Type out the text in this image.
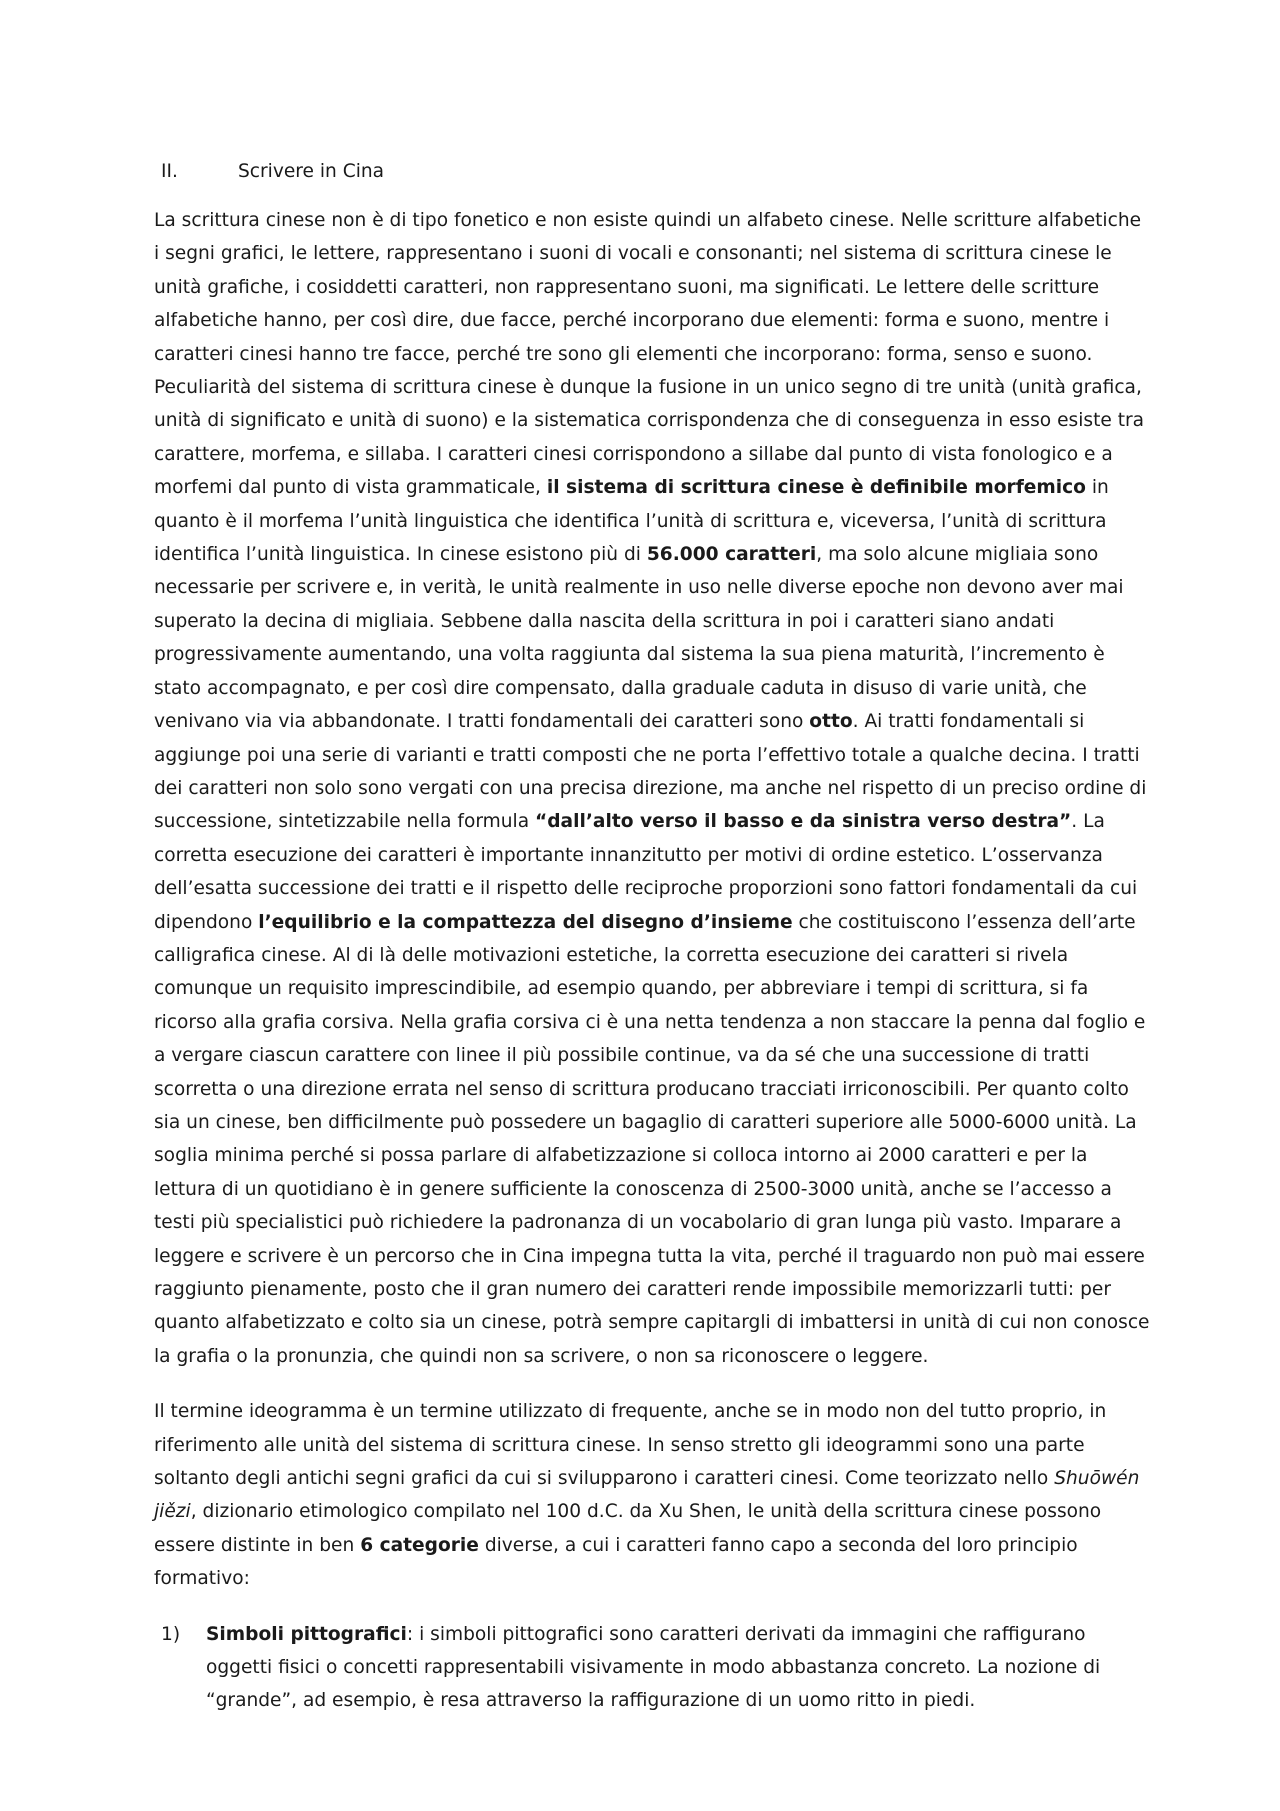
II.	Scrivere in Cina

La scrittura cinese non è di tipo fonetico e non esiste quindi un alfabeto cinese. Nelle scritture alfabetiche i segni grafici, le lettere, rappresentano i suoni di vocali e consonanti; nel sistema di scrittura cinese le unità grafiche, i cosiddetti caratteri, non rappresentano suoni, ma significati. Le lettere delle scritture alfabetiche hanno, per così dire, due facce, perché incorporano due elementi: forma e suono, mentre i caratteri cinesi hanno tre facce, perché tre sono gli elementi che incorporano: forma, senso e suono. Peculiarità del sistema di scrittura cinese è dunque la fusione in un unico segno di tre unità (unità grafica, unità di significato e unità di suono) e la sistematica corrispondenza che di conseguenza in esso esiste tra carattere, morfema, e sillaba. I caratteri cinesi corrispondono a sillabe dal punto di vista fonologico e a morfemi dal punto di vista grammaticale, il sistema di scrittura cinese è definibile morfemico in quanto è il morfema l’unità linguistica che identifica l’unità di scrittura e, viceversa, l’unità di scrittura identifica l’unità linguistica. In cinese esistono più di 56.000 caratteri, ma solo alcune migliaia sono necessarie per scrivere e, in verità, le unità realmente in uso nelle diverse epoche non devono aver mai superato la decina di migliaia. Sebbene dalla nascita della scrittura in poi i caratteri siano andati progressivamente aumentando, una volta raggiunta dal sistema la sua piena maturità, l’incremento è stato accompagnato, e per così dire compensato, dalla graduale caduta in disuso di varie unità, che venivano via via abbandonate. I tratti fondamentali dei caratteri sono otto. Ai tratti fondamentali si aggiunge poi una serie di varianti e tratti composti che ne porta l’effettivo totale a qualche decina. I tratti dei caratteri non solo sono vergati con una precisa direzione, ma anche nel rispetto di un preciso ordine di successione, sintetizzabile nella formula “dall’alto verso il basso e da sinistra verso destra”. La corretta esecuzione dei caratteri è importante innanzitutto per motivi di ordine estetico. L’osservanza dell’esatta successione dei tratti e il rispetto delle reciproche proporzioni sono fattori fondamentali da cui dipendono l’equilibrio e la compattezza del disegno d’insieme che costituiscono l’essenza dell’arte calligrafica cinese. Al di là delle motivazioni estetiche, la corretta esecuzione dei caratteri si rivela comunque un requisito imprescindibile, ad esempio quando, per abbreviare i tempi di scrittura, si fa ricorso alla grafia corsiva. Nella grafia corsiva ci è una netta tendenza a non staccare la penna dal foglio e a vergare ciascun carattere con linee il più possibile continue, va da sé che una successione di tratti scorretta o una direzione errata nel senso di scrittura producano tracciati irriconoscibili. Per quanto colto sia un cinese, ben difficilmente può possedere un bagaglio di caratteri superiore alle 5000-6000 unità. La soglia minima perché si possa parlare di alfabetizzazione si colloca intorno ai 2000 caratteri e per la lettura di un quotidiano è in genere sufficiente la conoscenza di 2500-3000 unità, anche se l’accesso a testi più specialistici può richiedere la padronanza di un vocabolario di gran lunga più vasto. Imparare a leggere e scrivere è un percorso che in Cina impegna tutta la vita, perché il traguardo non può mai essere raggiunto pienamente, posto che il gran numero dei caratteri rende impossibile memorizzarli tutti: per quanto alfabetizzato e colto sia un cinese, potrà sempre capitargli di imbattersi in unità di cui non conosce la grafia o la pronunzia, che quindi non sa scrivere, o non sa riconoscere o leggere.

Il termine ideogramma è un termine utilizzato di frequente, anche se in modo non del tutto proprio, in riferimento alle unità del sistema di scrittura cinese. In senso stretto gli ideogrammi sono una parte soltanto degli antichi segni grafici da cui si svilupparono i caratteri cinesi. Come teorizzato nello Shuōwén jiězi, dizionario etimologico compilato nel 100 d.C. da Xu Shen, le unità della scrittura cinese possono essere distinte in ben 6 categorie diverse, a cui i caratteri fanno capo a seconda del loro principio formativo:

1)	Simboli pittografici: i simboli pittografici sono caratteri derivati da immagini che raffigurano oggetti fisici o concetti rappresentabili visivamente in modo abbastanza concreto. La nozione di “grande”, ad esempio, è resa attraverso la raffigurazione di un uomo ritto in piedi.
